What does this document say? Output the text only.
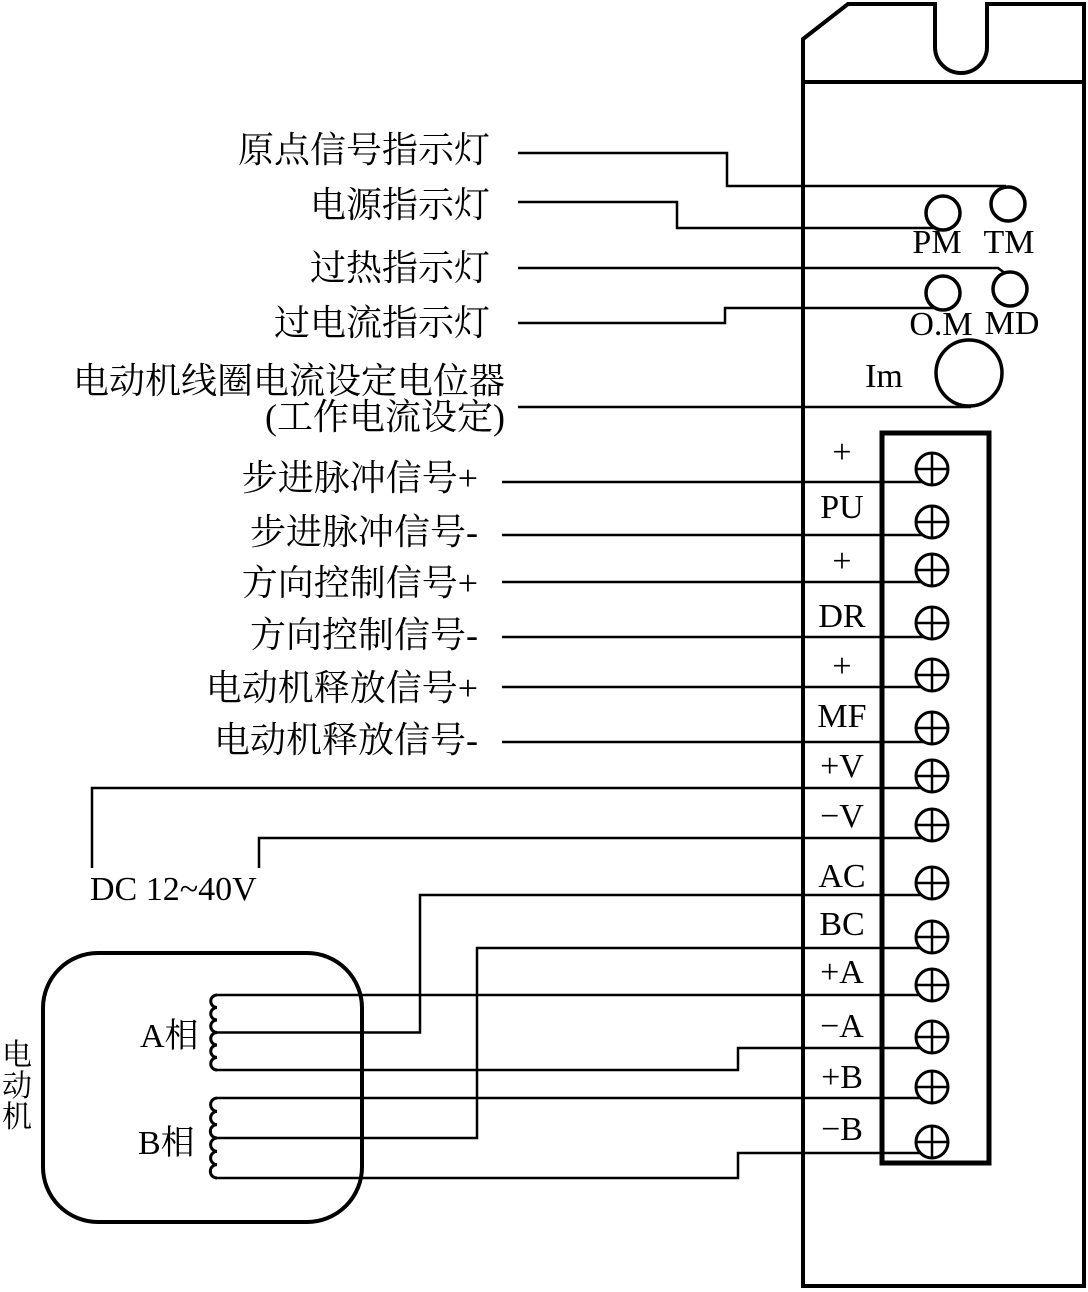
原点信号指示灯
电源指示灯
过热指示灯
过电流指示灯
电动机线圈电流设定电位器
(工作电流设定)
步进脉冲信号+
步进脉冲信号-
方向控制信号+
方向控制信号-
电动机释放信号+
电动机释放信号-
DC 12~40V
PM TM
O.M MD
Im
+
PU
+
DR
+
MF
+V
−V
AC
BC
+A
−A
+B
−B
电动机
A相
B相
